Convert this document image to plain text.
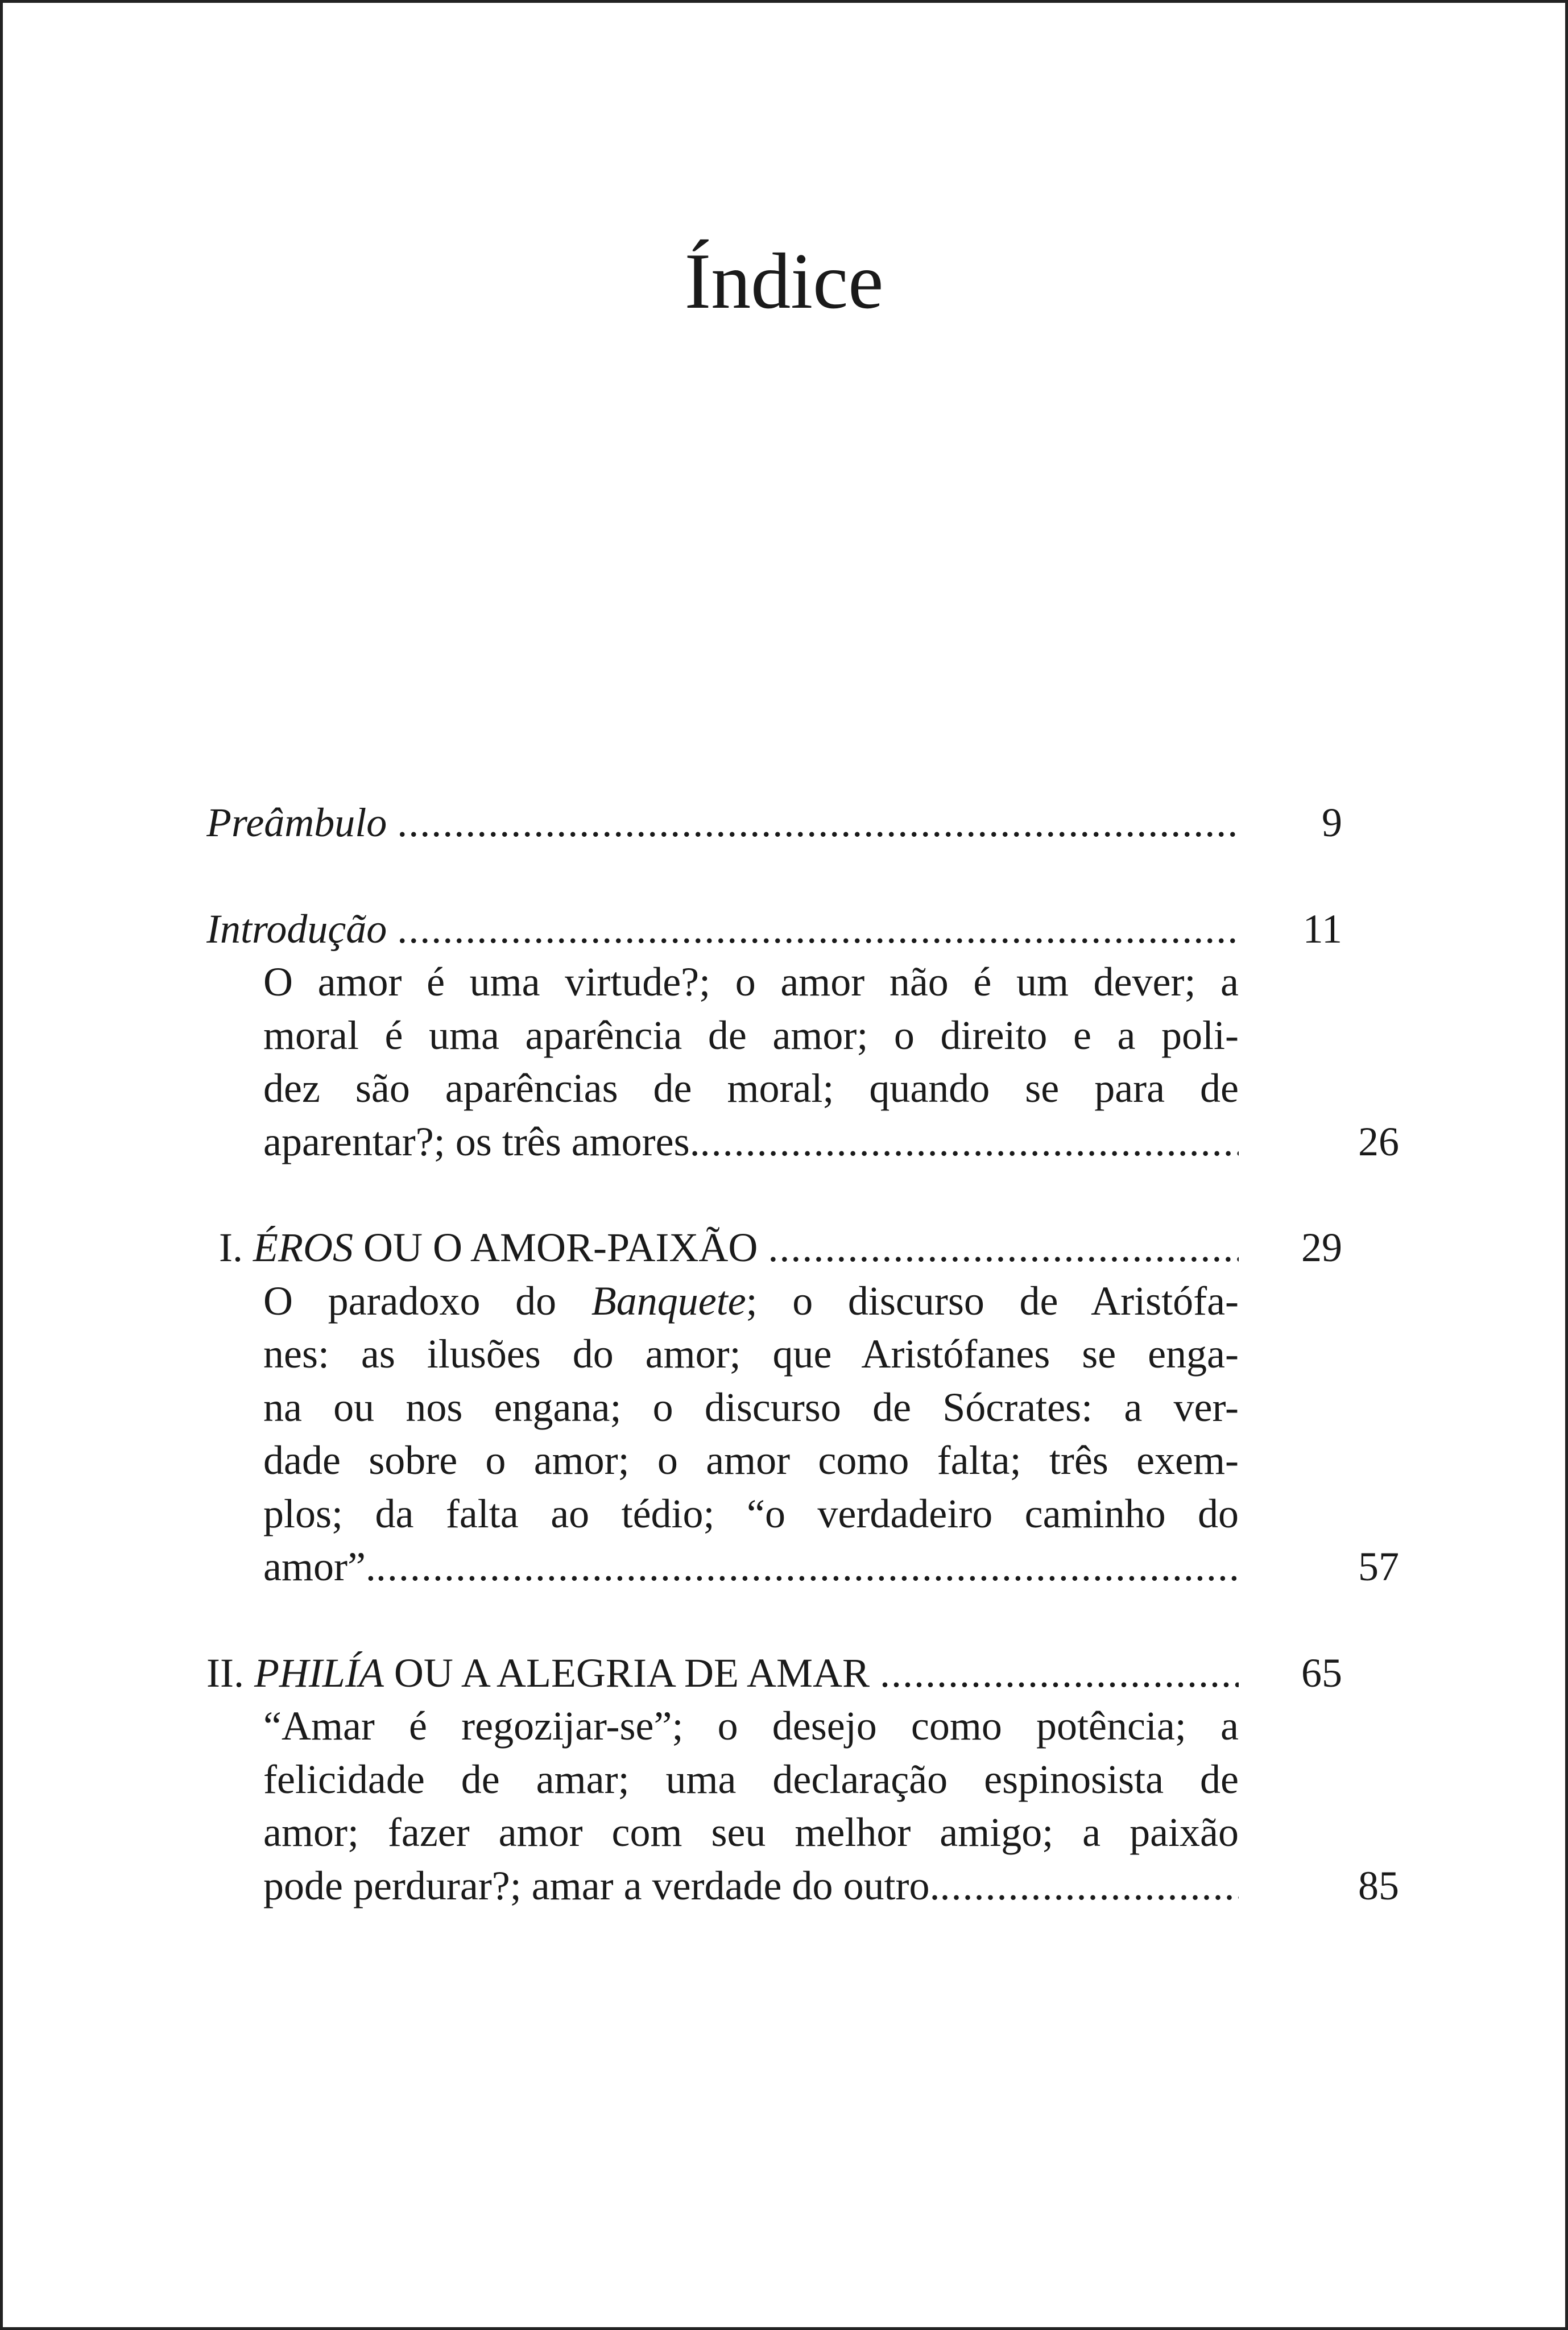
Índice
Preâmbulo . . .	9
Introdução . . .	11
O amor é uma virtude?; o amor não é um dever; a
moral é uma aparência de amor; o direito e a poli-
dez são aparências de moral; quando se para de
aparentar?; os três amores. . . .	26
I. ÉROS OU O AMOR-PAIXÃO . . .	29
O paradoxo do Banquete; o discurso de Aristófa-
nes: as ilusões do amor; que Aristófanes se enga-
na ou nos engana; o discurso de Sócrates: a ver-
dade sobre o amor; o amor como falta; três exem-
plos; da falta ao tédio; “o verdadeiro caminho do
amor”. . . .	57
II. PHILÍA OU A ALEGRIA DE AMAR . . .	65
“Amar é regozijar-se”; o desejo como potência; a
felicidade de amar; uma declaração espinosista de
amor; fazer amor com seu melhor amigo; a paixão
pode perdurar?; amar a verdade do outro. . . .	85
